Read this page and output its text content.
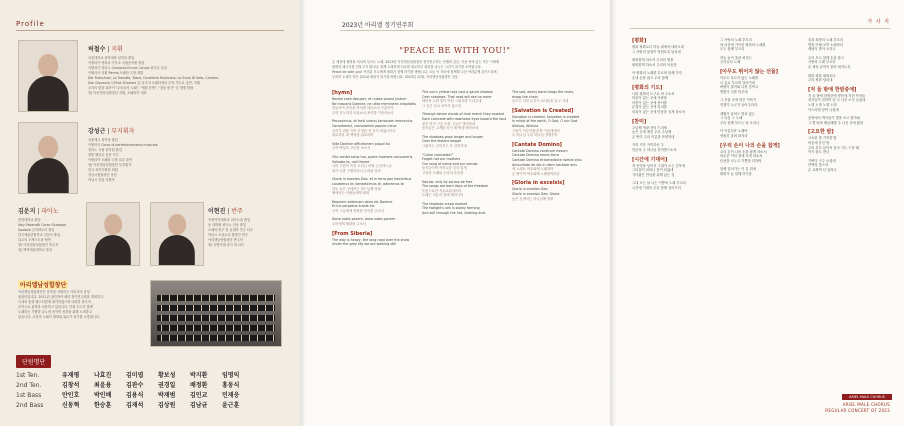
Profile
허철수 | 지휘
서울대학교 음악대학 성악과 졸업
이탈리아 엔리코 카루소 국립음악원 졸업
이탈리아 밀라노 Concorso Enrico Caruso 최우수 입상
이탈리아 지휘 Parma 오페라 극장 데뷔
Der Freischutz, La Traviata, Tosca, Cavalleria Rusticana, La Scala Di Seta, Carmen,
Don Giovanni, L'Elisir D'amore 등 다수의 오페라에서 주역 가수로 공연, 지휘
우리의 밤을 위하여 "우리들의 노래", "세월 운명", "청년 송가" 등 앨범 발매
현) 아리엘남성합창단 지휘, 오페라단 대표
강성근 | 부지휘자
서울예고 성악과 졸업
이탈리아 Corso di perfezionamento musicale
밀라노 국립 음악원 졸업
정통 벨칸토 전문 가수
이탈리아 오페라 극장 다수 출연
현) 아리엘남성합창단 부지휘자
한국 성악가협회 회원
성남시립합창단 상임
하남시 상임 지휘자
김운지 | 피아노
한양대학교 졸업
Italy Pavarotti Corso Giuseppe
Spadola 콘서바토리 졸업
한국예술종합학교 전문사 졸업
다수의 오케스트라 협연
현) 아리엘남성합창단 반주자
현) 백석예술대학교 출강
이현진 | 반주
숙명여자대학교 피아노과 졸업
동 대학원 피아노 전공 졸업
오페라 반주 및 실내악 연주 다수
하남시 소년소녀 합창단 반주
아리엘남성합창단 반주자
현) 숙명여대 강사 외 다수
아리엘남성합창단
아리엘남성합창단은 음악을 사랑하는 아마추어 남성
합창단입니다. 2011년 창단하여 매년 정기연주회를 개최하고,
국내외 합창 페스티벌에 참가하였으며 다양한 장르의
음악으로 관객과 소통하고 있습니다. 단원 모두가 함께
노래하는 기쁨을 나누며 음악적 성장을 위해 노력하고
있습니다. 우리의 노래가 평화와 위로가 되기를 소망합니다.
단원명단
1st Ten.	유재평	나효진	김미엽	황보성	박지환	임명익
2nd Ten.	김창석	최윤용	김관수	권경일	배정환	홍동식
1st Bass	안인호	박인배	김용식	박재범	김민교	민재웅
2nd Bass	신동혁	한승훈	김재석	김상원	김남균	윤근훈
2023년 아리엘 정기연주회
"PEACE BE WITH YOU!"
온 세상에 평화를 외치며 부르는 노래. 2023년 아리엘남성합창단 정기연주회는 전쟁과 갈등, 아픔 속에 있는 모든 이에게
평화의 메시지를 전하고자 합니다. 함께 노래하며 서로를 위로하고 희망을 나누는 시간이 되기를 소망합니다.
Peace be with you! 여러분 모두에게 평화가 함께 하기를 바랍니다. 오늘 이 자리에 함께해 주신 여러분께 감사드리며,
우리의 노래가 작은 위로와 평화가 되기를 바랍니다. 2023년 12월, 아리엘남성합창단 일동
[hymn]
Rorate caeli desuper, et nubes pluant justum
Ne irascaris Domine, ne ultra memineris iniquitatis
하늘이여 의인을 비처럼 내리소서 구름이여
주여 진노하지 마옵소서 죄악을 기억마소서
Peccavimus, et facti sumus tamquam immundus
Consolamini, consolamini popule meus
우리가 죄를 지어 부정한 자 같이 되었나이다
위로하라 내 백성을 위로하라
Vide Domine afflictionem populi tui
주여 백성의 고난을 보소서
Cito veniet salus tua, quare moerore consumeris
Salvabo te, noli timere
너의 구원이 속히 오리니 어찌 근심하느냐
내가 너를 구원하리니 두려워 말라
Gloria in excelsis Deo, et in terra pax hominibus
Laudamus te, benedicimus te, adoramus te
하늘 높은 곳에서는 하느님께 영광
땅에서는 사람들에게 평화
Requiem aeternam dona eis Domine
Et lux perpetua luceat eis
주여 그들에게 영원한 안식을 주소서
Dona nobis pacem, dona nobis pacem
우리에게 평화를 주소서
[From Siberia]
The way is heavy, the long road over the snow
Under the grey sky we are walking still
The sun's yellow rays cast a gaunt shadow
Over shadows. That road will see no more
태양의 노란 빛이 야윈 그림자를 드리우네
그 길은 다시 보이지 않으리
Through dense clouds of dust march they onward
Each comrade with downcast eyes toward the land
짙은 먼지 구름 속을 그들은 행진하네
동지들은 고개를 숙인 채 땅을 바라보네
The shadows grow longer and longer
Over the distant steppe
그림자는 길어지고 또 길어지네
"Come comrades!"
Forget not our mothers
Our song of home and our sorrow
동지들이여 어머니를 잊지 말게
고향의 노래와 우리의 슬픔을
Sorrow, only by sorrow be free
The songs are born days of the freedom
슬픔으로만 자유로워지리라
노래는 자유의 날에 태어나리
The shadows creep onward
The twilight's veil is slowly forming
And still through the hot, choking dust
The sad, weary band drags the chain,
drags the chain
슬프고 지친 무리가 쇠사슬을 끌고 가네
[Salvation is Created]
Salvation is created, Salvation is created
In midst of the earth, O God, O our God
Alleluia, Alleluia
구원이 이루어졌네 땅 가운데에서
오 하나님 우리 하나님 알렐루야
[Cantate Domino]
Cantate Domino canticum novum
Cantate Domino omnis terra
Cantate Domino et benedicite nomini eius
Annuntiate de die in diem salutare eius
새 노래로 여호와께 노래하라
온 땅이여 여호와께 노래할지어다
[Gloria in excelsis]
Gloria in excelsis Deo
Gloria in excelsis Deo, Gloria
높은 곳에서는 하나님께 영광
가 사 지
[평화]
평화 평화로다 하늘 위에서 내려오네
그 사랑의 물결이 영원토록 넘치네
평화롭게 하소서 우리의 땅을
평화롭게 하소서 우리의 마음을
아 평화의 노래를 부르며 함께 가자
손에 손을 잡고 우리 함께
[평화의 기도]
나를 평화의 도구로 써 주소서
미움이 있는 곳에 사랑을
다툼이 있는 곳에 용서를
분열이 있는 곳에 일치를
의혹이 있는 곳에 믿음을 심게 하소서
[찬미]
주님께 영광 찬미 드리세
높은 곳에 계신 우리 주님께
온 땅이 주의 이름을 찬양하네
거룩 거룩 거룩하신 주
만군의 주 하나님 찬미받으소서
[시간에 기대어]
저 언덕을 넘어서 그대가 오는 길목에
그리움이 피어나 꽃이 되었네
기다림은 만남을 위해 있는 것
그대 오는 날 나는 기쁨의 노래 부르리
시간에 기대어 우리 함께 걸어가리
그 사랑의 노래 부르리
내 마음에 가득한 평화의 노래를
모두 함께 부르리
하늘 높이 울려 퍼지는
우리들의 노래
[아무도 뛰어지 않는 선율]
아무도 부르지 않는 노래를
나 홀로 부르며 걸어가네
바람이 불어와 나를 감싸고
별빛이 나를 비추네
그 선율 속에 담긴 이야기
언젠가 누군가 들어주리라
세월이 흘러도 변치 않는
그 마음 그 노래
우리 함께 부르는 날 오리니
아 아름다운 노래여
영원히 울려 퍼지리
[우리 손이 나의 손을 잡게]
우리 손이 나의 손을 잡게 하소서
외로운 이의 곁에 서게 하소서
슬픔을 나누고 기쁨을 더하며
함께 걸어가는 이 길 위에
평화가 늘 함께 하기를
꿈과 희망의 노래 부르리
별빛 아래 모여 노래하리
새날이 밝아 오리니
우리 모두 함께 손을 잡고
사랑의 노래 부르리
온 세상 끝까지 울려 퍼지도록
평화 평화 평화로다
주의 평화 넘치네
[저 들 밖에 한밤중에]
저 들 밖에 한밤중에 양틈에 자던 목자들
천사들이 전하여 준 주 나신 소식 들었네
노엘 노엘 노엘 노엘
이스라엘 왕이 나셨네
동방에서 박사들이 별을 보고 찾아와
그 별 따라 베들레헴 주 나신 곳에 왔네
[고요한 밤]
고요한 밤 거룩한 밤
어둠에 묻힌 밤
주의 부모 앉아서 감사 기도 드릴 때
아기 잘도 잔다
기쁘다 구주 오셨네
만백성 맞으라
온 교회여 다 일어나
ARIEL MALE CHORUS
ARIEL MALE CHORUS
REGULAR CONCERT OF 2023
